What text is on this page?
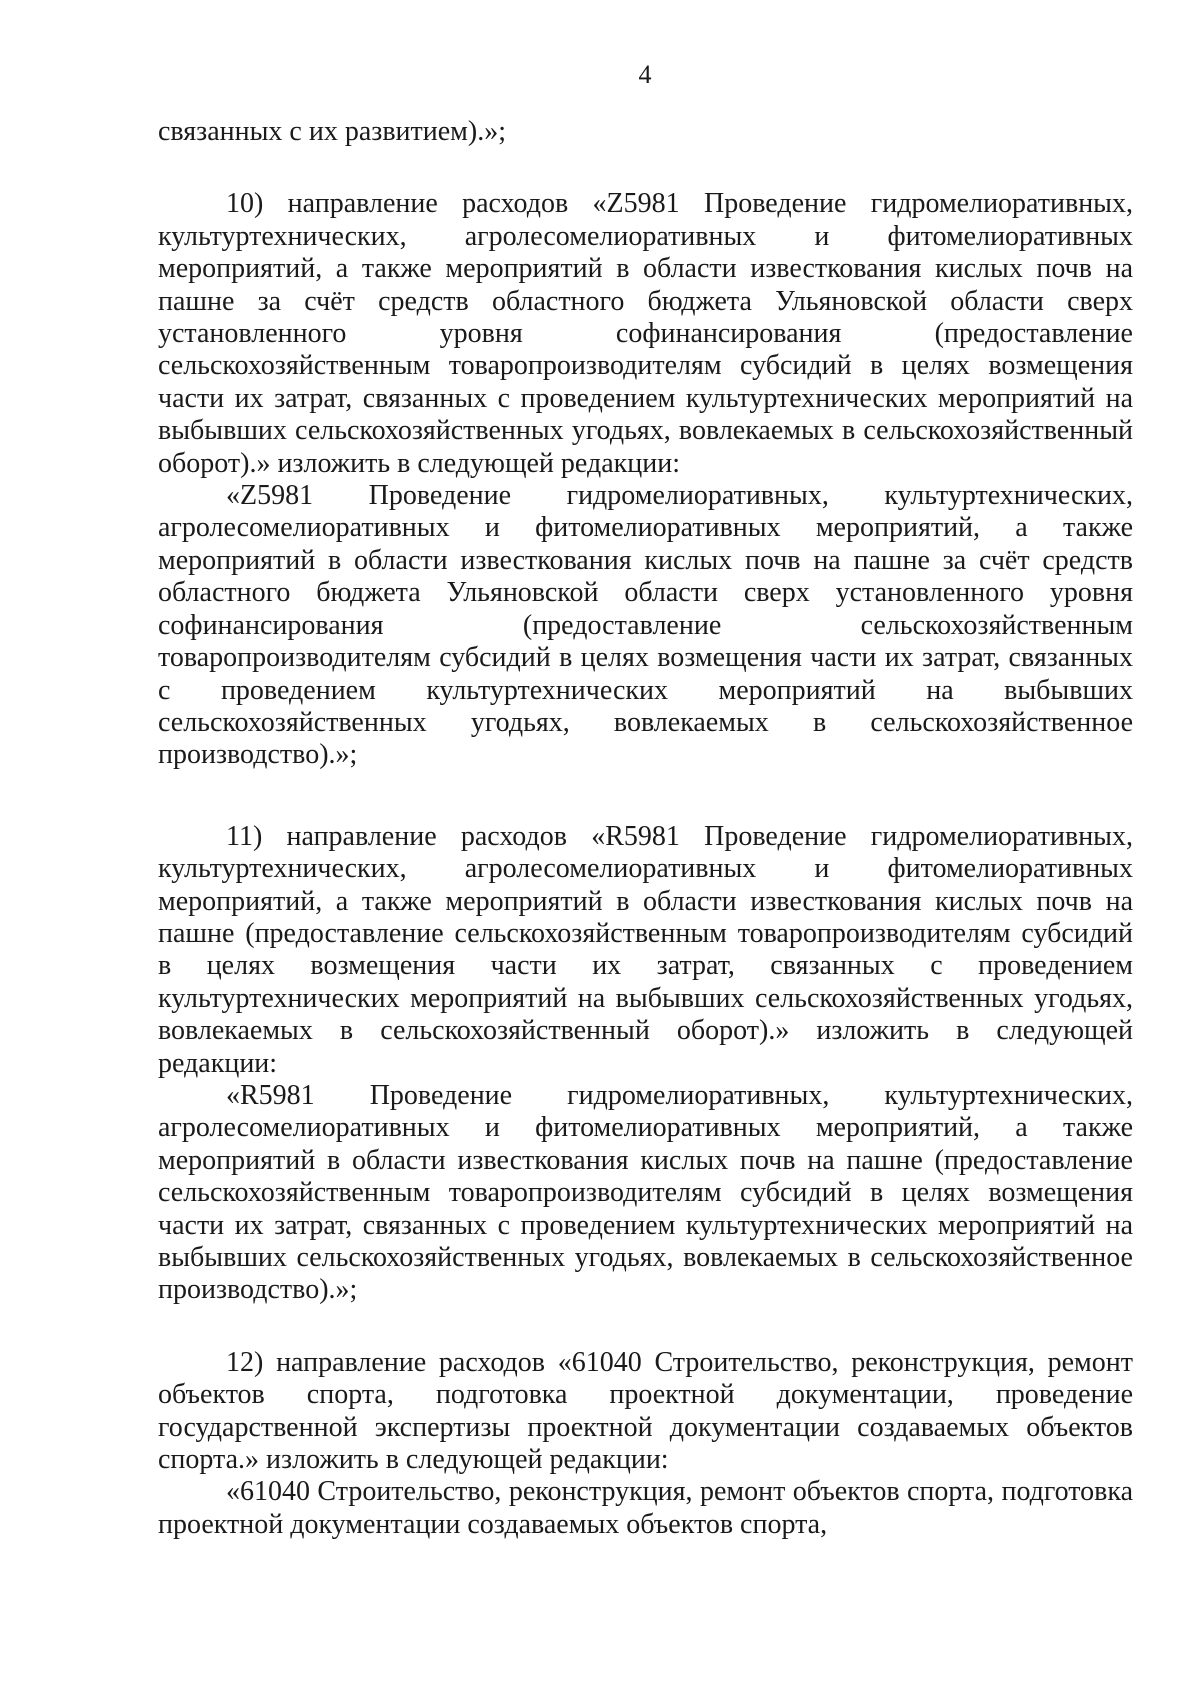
4

связанных с их развитием).»;

10) направление расходов «Z5981 Проведение гидромелиоративных, культуртехнических, агролесомелиоративных и фитомелиоративных мероприятий, а также мероприятий в области известкования кислых почв на пашне за счёт средств областного бюджета Ульяновской области сверх установленного уровня софинансирования (предоставление сельскохозяйственным товаропроизводителям субсидий в целях возмещения части их затрат, связанных с проведением культуртехнических мероприятий на выбывших сельскохозяйственных угодьях, вовлекаемых в сельскохозяйственный оборот).» изложить в следующей редакции:

«Z5981 Проведение гидромелиоративных, культуртехнических, агролесомелиоративных и фитомелиоративных мероприятий, а также мероприятий в области известкования кислых почв на пашне за счёт средств областного бюджета Ульяновской области сверх установленного уровня софинансирования (предоставление сельскохозяйственным товаропроизводителям субсидий в целях возмещения части их затрат, связанных с проведением культуртехнических мероприятий на выбывших сельскохозяйственных угодьях, вовлекаемых в сельскохозяйственное производство).»;

11) направление расходов «R5981 Проведение гидромелиоративных, культуртехнических, агролесомелиоративных и фитомелиоративных мероприятий, а также мероприятий в области известкования кислых почв на пашне (предоставление сельскохозяйственным товаропроизводителям субсидий в целях возмещения части их затрат, связанных с проведением культуртехнических мероприятий на выбывших сельскохозяйственных угодьях, вовлекаемых в сельскохозяйственный оборот).» изложить в следующей редакции:

«R5981 Проведение гидромелиоративных, культуртехнических, агролесомелиоративных и фитомелиоративных мероприятий, а также мероприятий в области известкования кислых почв на пашне (предоставление сельскохозяйственным товаропроизводителям субсидий в целях возмещения части их затрат, связанных с проведением культуртехнических мероприятий на выбывших сельскохозяйственных угодьях, вовлекаемых в сельскохозяйственное производство).»;

12) направление расходов «61040 Строительство, реконструкция, ремонт объектов спорта, подготовка проектной документации, проведение государственной экспертизы проектной документации создаваемых объектов спорта.» изложить в следующей редакции:

«61040 Строительство, реконструкция, ремонт объектов спорта, подготовка проектной документации создаваемых объектов спорта,
